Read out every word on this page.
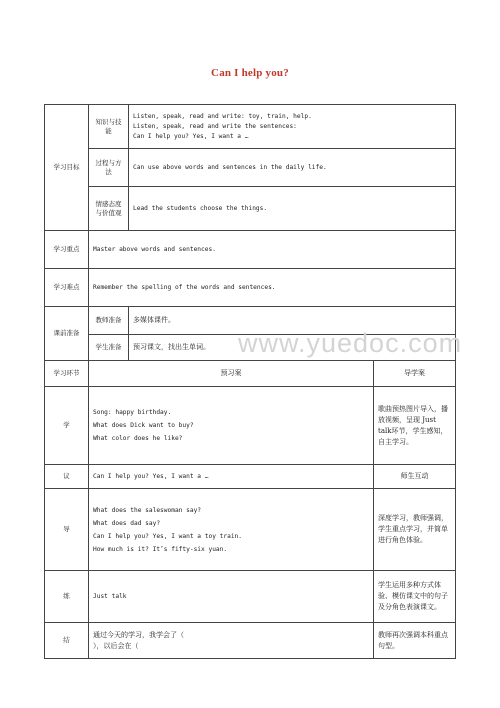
Can I help you?
学习目标	知识与技能	Listen, speak, read and write: toy, train, help.
Listen, speak, read and write the sentences:
Can I help you? Yes, I want a …	

	过程与方法	Can use above words and sentences in the daily life.	
	情感态度与价值观	Lead the students choose the things.	
学习重点	Master above words and sentences.		
学习难点	Remember the spelling of the words and sentences.		
课前准备	教师准备	多媒体课件。	
	学生准备	预习课文，找出生单词。	
学习环节	预习案		导学案
学	Song: happy birthday.
What does Dick want to buy?
What color does he like?		歌曲预热图片导入，播放视频，呈现 Just talk环节，学生感知，自主学习。
议	Can I help you? Yes, I want a …		师生互动
导	What does the saleswoman say?
What does dad say?
Can I help you? Yes, I want a toy train.
How much is it? It’s fifty-six yuan.		深度学习，教师强调，学生重点学习，并简单进行角色体验。
练	Just talk		学生运用多种方式体验、模仿课文中的句子及分角色表演课文。
结	通过今天的学习，我学会了（
），以后会在（		教师再次强调本科重点句型。
www.yuedoc.com
